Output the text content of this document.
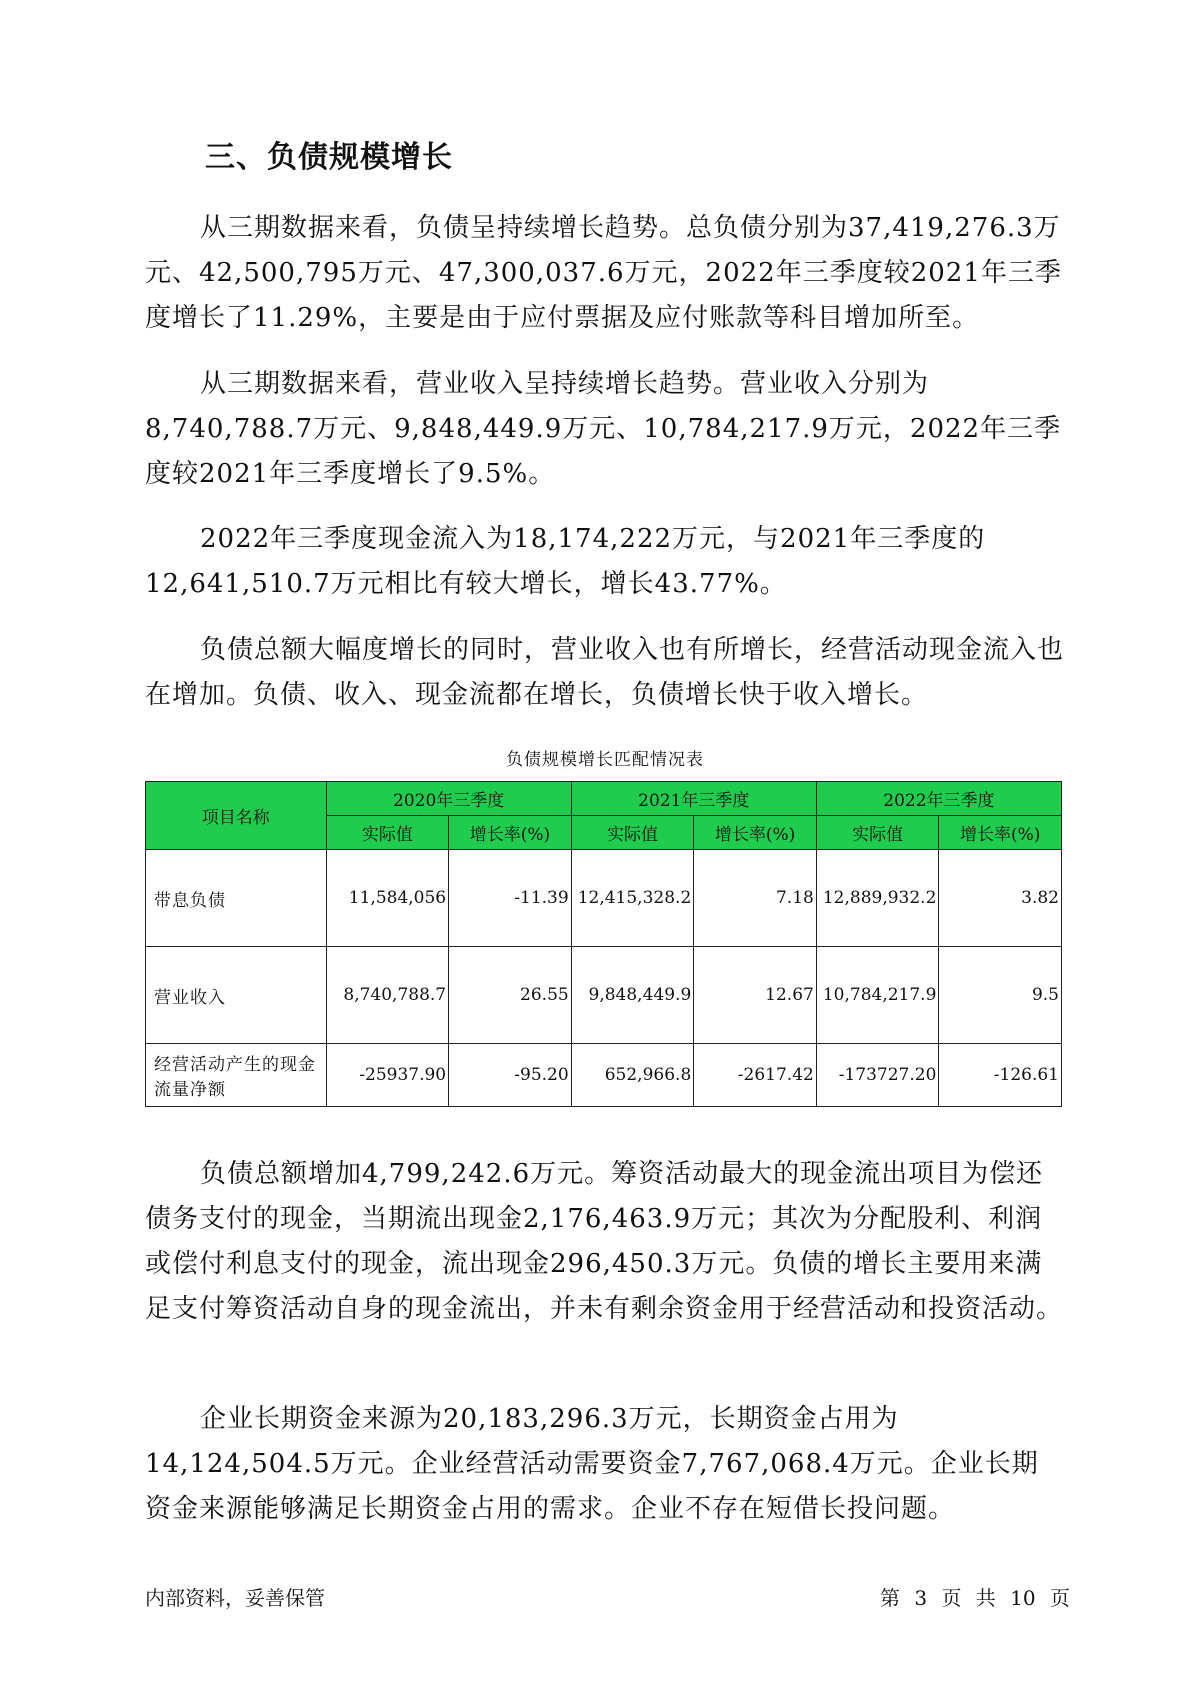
三、负债规模增长

从三期数据来看，负债呈持续增长趋势。总负债分别为37,419,276.3万元、42,500,795万元、47,300,037.6万元，2022年三季度较2021年三季度增长了11.29%，主要是由于应付票据及应付账款等科目增加所至。

从三期数据来看，营业收入呈持续增长趋势。营业收入分别为8,740,788.7万元、9,848,449.9万元、10,784,217.9万元，2022年三季度较2021年三季度增长了9.5%。

2022年三季度现金流入为18,174,222万元，与2021年三季度的12,641,510.7万元相比有较大增长，增长43.77%。

负债总额大幅度增长的同时，营业收入也有所增长，经营活动现金流入也在增加。负债、收入、现金流都在增长，负债增长快于收入增长。

负债规模增长匹配情况表
项目名称	2020年三季度		2021年三季度		2022年三季度	
	实际值	增长率(%)	实际值	增长率(%)	实际值	增长率(%)
带息负债	11,584,056	-11.39	12,415,328.2	7.18	12,889,932.2	3.82
营业收入	8,740,788.7	26.55	9,848,449.9	12.67	10,784,217.9	9.5
经营活动产生的现金流量净额	-25937.90	-95.20	652,966.8	-2617.42	-173727.20	-126.61

负债总额增加4,799,242.6万元。筹资活动最大的现金流出项目为偿还债务支付的现金，当期流出现金2,176,463.9万元；其次为分配股利、利润或偿付利息支付的现金，流出现金296,450.3万元。负债的增长主要用来满足支付筹资活动自身的现金流出，并未有剩余资金用于经营活动和投资活动。

企业长期资金来源为20,183,296.3万元，长期资金占用为14,124,504.5万元。企业经营活动需要资金7,767,068.4万元。企业长期资金来源能够满足长期资金占用的需求。企业不存在短借长投问题。

内部资料，妥善保管	第 3 页 共 10 页
